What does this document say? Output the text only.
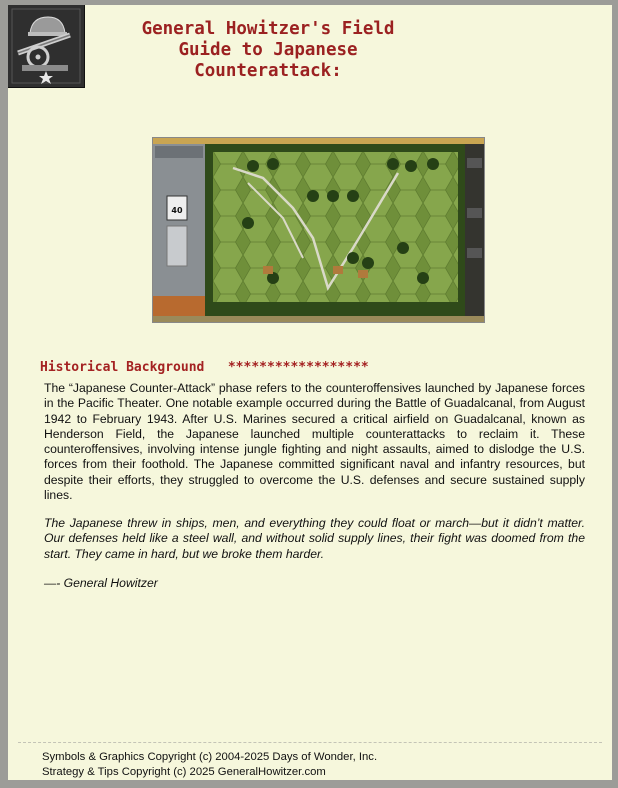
General Howitzer's Field
Guide to Japanese
Counterattack:
40
Historical Background ******************

The “Japanese Counter-Attack” phase refers to the counteroffensives launched by Japanese forces in the Pacific Theater. One notable example occurred during the Battle of Guadalcanal, from August 1942 to February 1943. After U.S. Marines secured a critical airfield on Guadalcanal, known as Henderson Field, the Japanese launched multiple counterattacks to reclaim it. These counteroffensives, involving intense jungle fighting and night assaults, aimed to dislodge the U.S. forces from their foothold. The Japanese committed significant naval and infantry resources, but despite their efforts, they struggled to overcome the U.S. defenses and secure sustained supply lines.

The Japanese threw in ships, men, and everything they could float or march—but it didn’t matter. Our defenses held like a steel wall, and without solid supply lines, their fight was doomed from the start. They came in hard, but we broke them harder.

—- General Howitzer
Symbols & Graphics Copyright (c) 2004-2025 Days of Wonder, Inc.
Strategy & Tips Copyright (c) 2025 GeneralHowitzer.com
